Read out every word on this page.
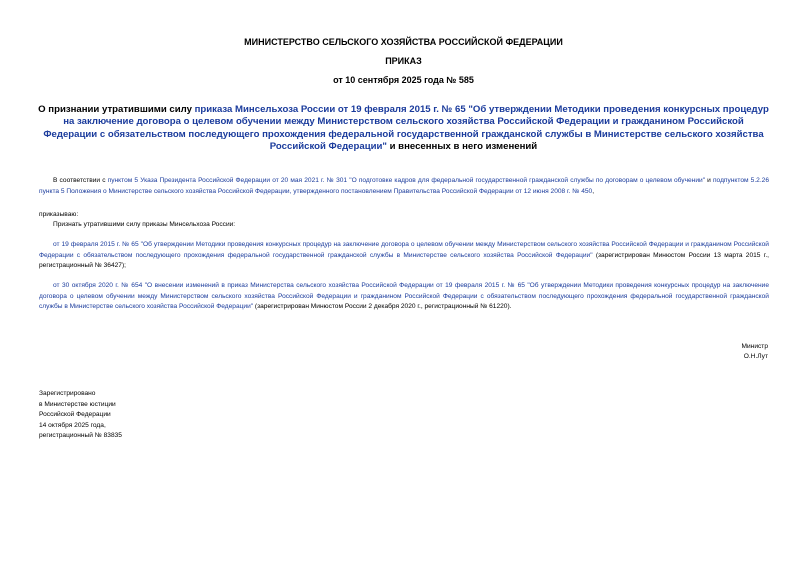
МИНИСТЕРСТВО СЕЛЬСКОГО ХОЗЯЙСТВА РОССИЙСКОЙ ФЕДЕРАЦИИ
ПРИКАЗ
от 10 сентября 2025 года № 585
О признании утратившими силу приказа Минсельхоза России от 19 февраля 2015 г. № 65 "Об утверждении Методики проведения конкурсных процедур на заключение договора о целевом обучении между Министерством сельского хозяйства Российской Федерации и гражданином Российской Федерации с обязательством последующего прохождения федеральной государственной гражданской службы в Министерстве сельского хозяйства Российской Федерации" и внесенных в него изменений
В соответствии с пунктом 5 Указа Президента Российской Федерации от 20 мая 2021 г. № 301 "О подготовке кадров для федеральной государственной гражданской службы по договорам о целевом обучении" и подпунктом 5.2.26 пункта 5 Положения о Министерстве сельского хозяйства Российской Федерации, утвержденного постановлением Правительства Российской Федерации от 12 июня 2008 г. № 450,
приказываю:
Признать утратившими силу приказы Минсельхоза России:
от 19 февраля 2015 г. № 65 "Об утверждении Методики проведения конкурсных процедур на заключение договора о целевом обучении между Министерством сельского хозяйства Российской Федерации и гражданином Российской Федерации с обязательством последующего прохождения федеральной государственной гражданской службы в Министерстве сельского хозяйства Российской Федерации" (зарегистрирован Минюстом России 13 марта 2015 г., регистрационный № 36427);
от 30 октября 2020 г. № 654 "О внесении изменений в приказ Министерства сельского хозяйства Российской Федерации от 19 февраля 2015 г. № 65 "Об утверждении Методики проведения конкурсных процедур на заключение договора о целевом обучении между Министерством сельского хозяйства Российской Федерации и гражданином Российской Федерации с обязательством последующего прохождения федеральной государственной гражданской службы в Министерстве сельского хозяйства Российской Федерации" (зарегистрирован Минюстом России 2 декабря 2020 г., регистрационный № 61220).
Министр
О.Н.Лут
Зарегистрировано
в Министерстве юстиции
Российской Федерации
14 октября 2025 года,
регистрационный № 83835
